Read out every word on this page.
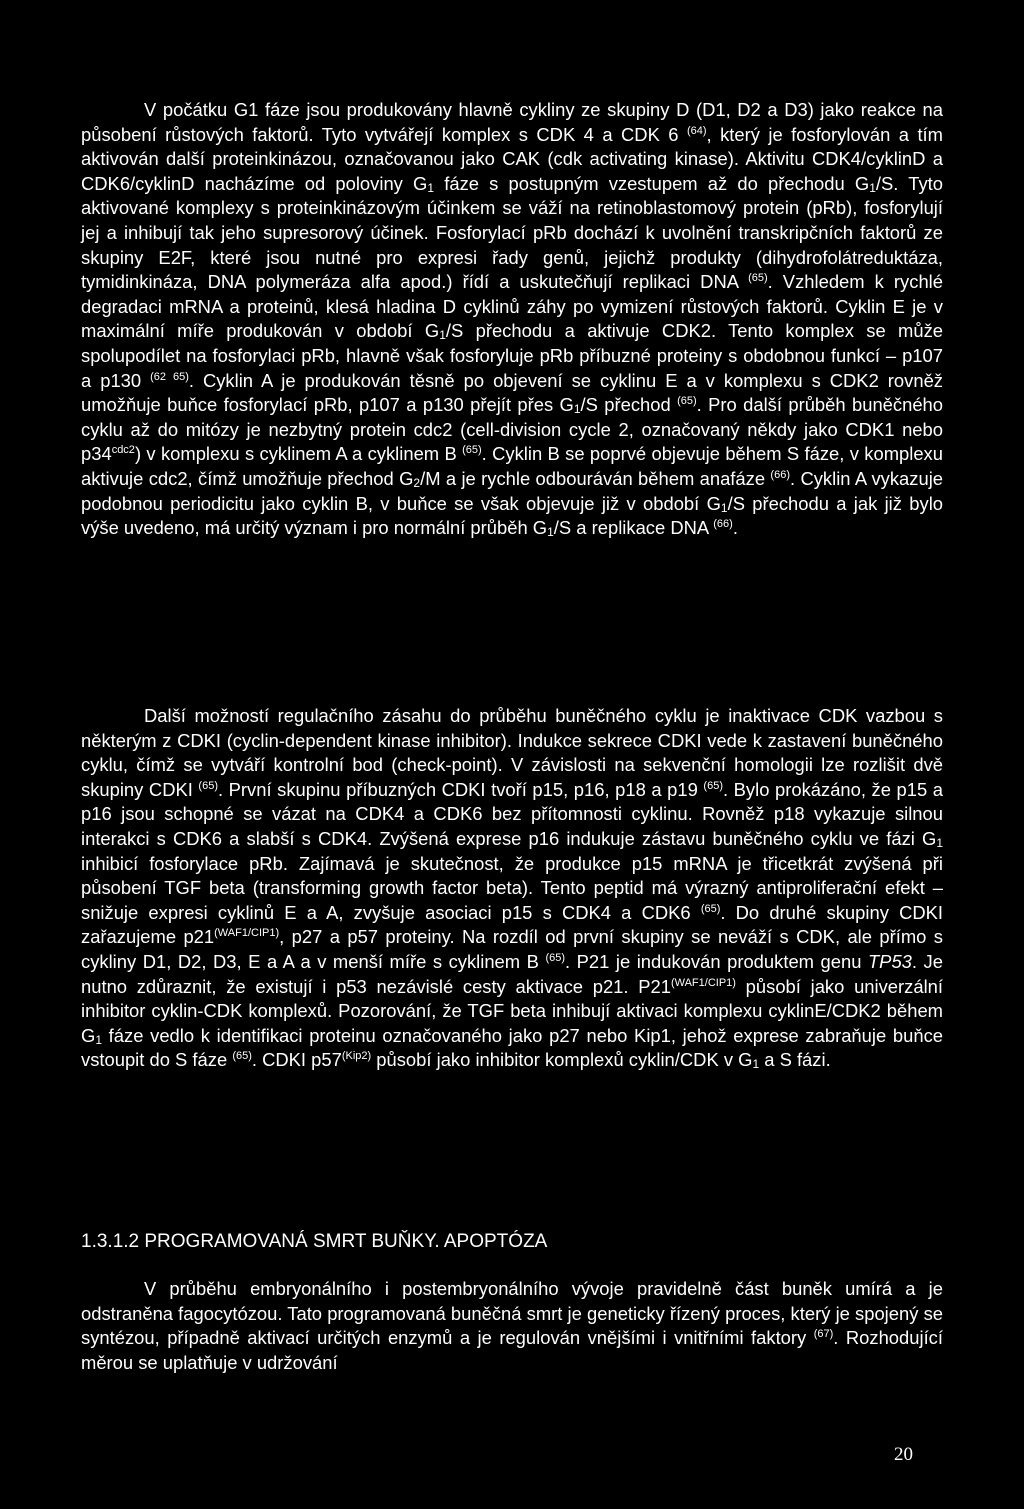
V počátku G1 fáze jsou produkovány hlavně cykliny ze skupiny D (D1, D2 a D3) jako reakce na působení růstových faktorů. Tyto vytvářejí komplex s CDK 4 a CDK 6 $^{(64)}$, který je fosforylován a tím aktivován další proteinkinázou, označovanou jako CAK (cdk activating kinase). Aktivitu CDK4/cyklinD a CDK6/cyklinD nacházíme od poloviny $G_1$ fáze s postupným vzestupem až do přechodu $G_1/S$. Tyto aktivované komplexy s proteinkinázovým účinkem se váží na retinoblastomový protein (pRb), fosforylují jej a inhibují tak jeho supresorový účinek. Fosforylací pRb dochází k uvolnění transkripčních faktorů ze skupiny E2F, které jsou nutné pro expresi řady genů, jejichž produkty (dihydrofolátreduktáza, tymidinkináza, DNA polymeráza alfa apod.) řídí a uskutečňují replikaci DNA $^{(65)}$. Vzhledem k rychlé degradaci mRNA a proteinů, klesá hladina D cyklinů záhy po vymizení růstových faktorů. Cyklin E je v maximální míře produkován v období $G_1/S$ přechodu a aktivuje CDK2. Tento komplex se může spolupodílet na fosforylaci pRb, hlavně však fosforyluje pRb příbuzné proteiny s obdobnou funkcí – p107 a p130 $^{(62 65)}$. Cyklin A je produkován těsně po objevení se cyklinu E a v komplexu s CDK2 rovněž umožňuje buňce fosforylací pRb, p107 a p130 přejít přes $G_1/S$ přechod $^{(65)}$. Pro další průběh buněčného cyklu až do mitózy je nezbytný protein cdc2 (cell-division cycle 2, označovaný někdy jako CDK1 nebo $p34^{cdc2}$) v komplexu s cyklinem A a cyklinem B $^{(65)}$. Cyklin B se poprvé objevuje během S fáze, v komplexu aktivuje cdc2, čímž umožňuje přechod $G_2/M$ a je rychle odbouráván během anafáze $^{(66)}$. Cyklin A vykazuje podobnou periodicitu jako cyklin B, v buňce se však objevuje již v období $G_1/S$ přechodu a jak již bylo výše uvedeno, má určitý význam i pro normální průběh $G_1/S$ a replikace DNA $^{(66)}$.
Další možností regulačního zásahu do průběhu buněčného cyklu je inaktivace CDK vazbou s některým z CDKI (cyclin-dependent kinase inhibitor). Indukce sekrece CDKI vede k zastavení buněčného cyklu, čímž se vytváří kontrolní bod (check-point). V závislosti na sekvenční homologii lze rozlišit dvě skupiny CDKI $^{(65)}$. První skupinu příbuzných CDKI tvoří p15, p16, p18 a p19 $^{(65)}$. Bylo prokázáno, že p15 a p16 jsou schopné se vázat na CDK4 a CDK6 bez přítomnosti cyklinu. Rovněž p18 vykazuje silnou interakci s CDK6 a slabší s CDK4. Zvýšená exprese p16 indukuje zástavu buněčného cyklu ve fázi $G_1$ inhibicí fosforylace pRb. Zajímavá je skutečnost, že produkce p15 mRNA je třicetkrát zvýšená při působení TGF beta (transforming growth factor beta). Tento peptid má výrazný antiproliferační efekt – snižuje expresi cyklinů E a A, zvyšuje asociaci p15 s CDK4 a CDK6 $^{(65)}$. Do druhé skupiny CDKI zařazujeme $p21^{(WAF1/CIP1)}$, p27 a p57 proteiny. Na rozdíl od první skupiny se neváží s CDK, ale přímo s cykliny D1, D2, D3, E a A a v menší míře s cyklinem B $^{(65)}$. P21 je indukován produktem genu TP53. Je nutno zdůraznit, že existují i p53 nezávislé cesty aktivace p21. $P21^{(WAF1/CIP1)}$ působí jako univerzální inhibitor cyklin-CDK komplexů. Pozorování, že TGF beta inhibují aktivaci komplexu cyklinE/CDK2 během $G_1$ fáze vedlo k identifikaci proteinu označovaného jako p27 nebo Kip1, jehož exprese zabraňuje buňce vstoupit do S fáze $^{(65)}$. CDKI $p57^{(Kip2)}$ působí jako inhibitor komplexů cyklin/CDK v $G_1$ a S fázi.
1.3.1.2 PROGRAMOVANÁ SMRT BUŇKY. APOPTÓZA
V průběhu embryonálního i postembryonálního vývoje pravidelně část buněk umírá a je odstraněna fagocytózou. Tato programovaná buněčná smrt je geneticky řízený proces, který je spojený se syntézou, případně aktivací určitých enzymů a je regulován vnějšími i vnitřními faktory $^{(67)}$. Rozhodující měrou se uplatňuje v udržování
20
